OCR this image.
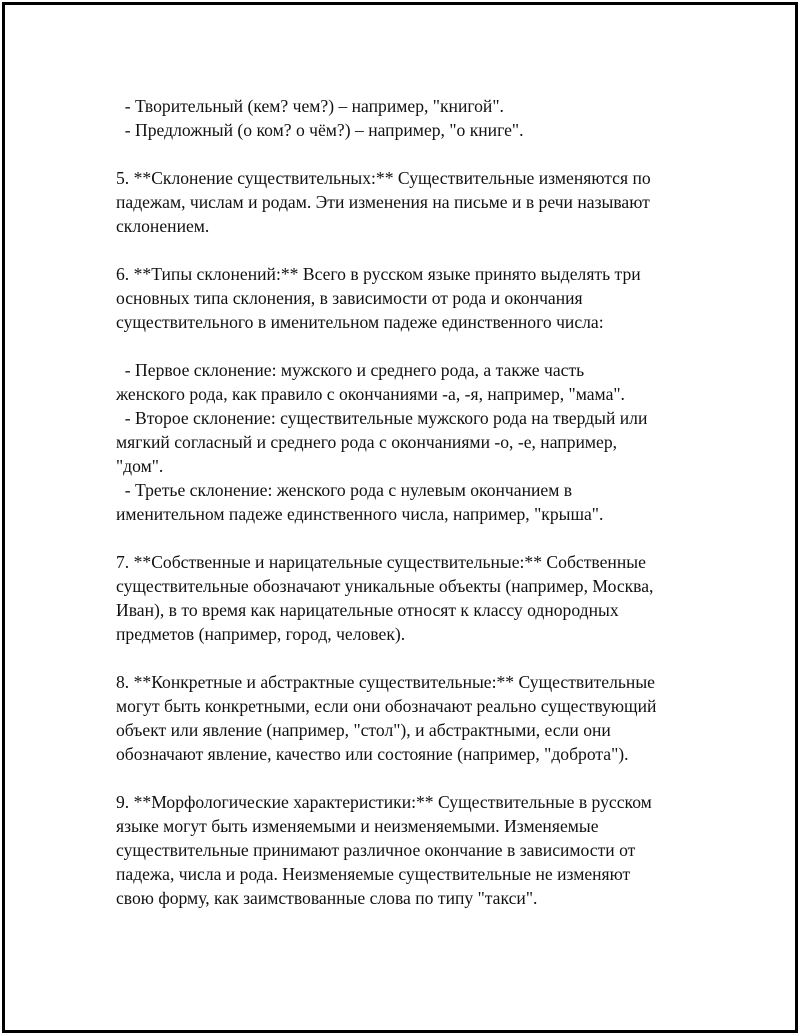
- Творительный (кем? чем?) – например, "книгой".
- Предложный (о ком? о чём?) – например, "о книге".
5. **Склонение существительных:** Существительные изменяются по
падежам, числам и родам. Эти изменения на письме и в речи называют
склонением.
6. **Типы склонений:** Всего в русском языке принято выделять три
основных типа склонения, в зависимости от рода и окончания
существительного в именительном падеже единственного числа:
- Первое склонение: мужского и среднего рода, а также часть
женского рода, как правило с окончаниями -а, -я, например, "мама".
- Второе склонение: существительные мужского рода на твердый или
мягкий согласный и среднего рода с окончаниями -о, -е, например,
"дом".
- Третье склонение: женского рода с нулевым окончанием в
именительном падеже единственного числа, например, "крыша".
7. **Собственные и нарицательные существительные:** Собственные
существительные обозначают уникальные объекты (например, Москва,
Иван), в то время как нарицательные относят к классу однородных
предметов (например, город, человек).
8. **Конкретные и абстрактные существительные:** Существительные
могут быть конкретными, если они обозначают реально существующий
объект или явление (например, "стол"), и абстрактными, если они
обозначают явление, качество или состояние (например, "доброта").
9. **Морфологические характеристики:** Существительные в русском
языке могут быть изменяемыми и неизменяемыми. Изменяемые
существительные принимают различное окончание в зависимости от
падежа, числа и рода. Неизменяемые существительные не изменяют
свою форму, как заимствованные слова по типу "такси".
